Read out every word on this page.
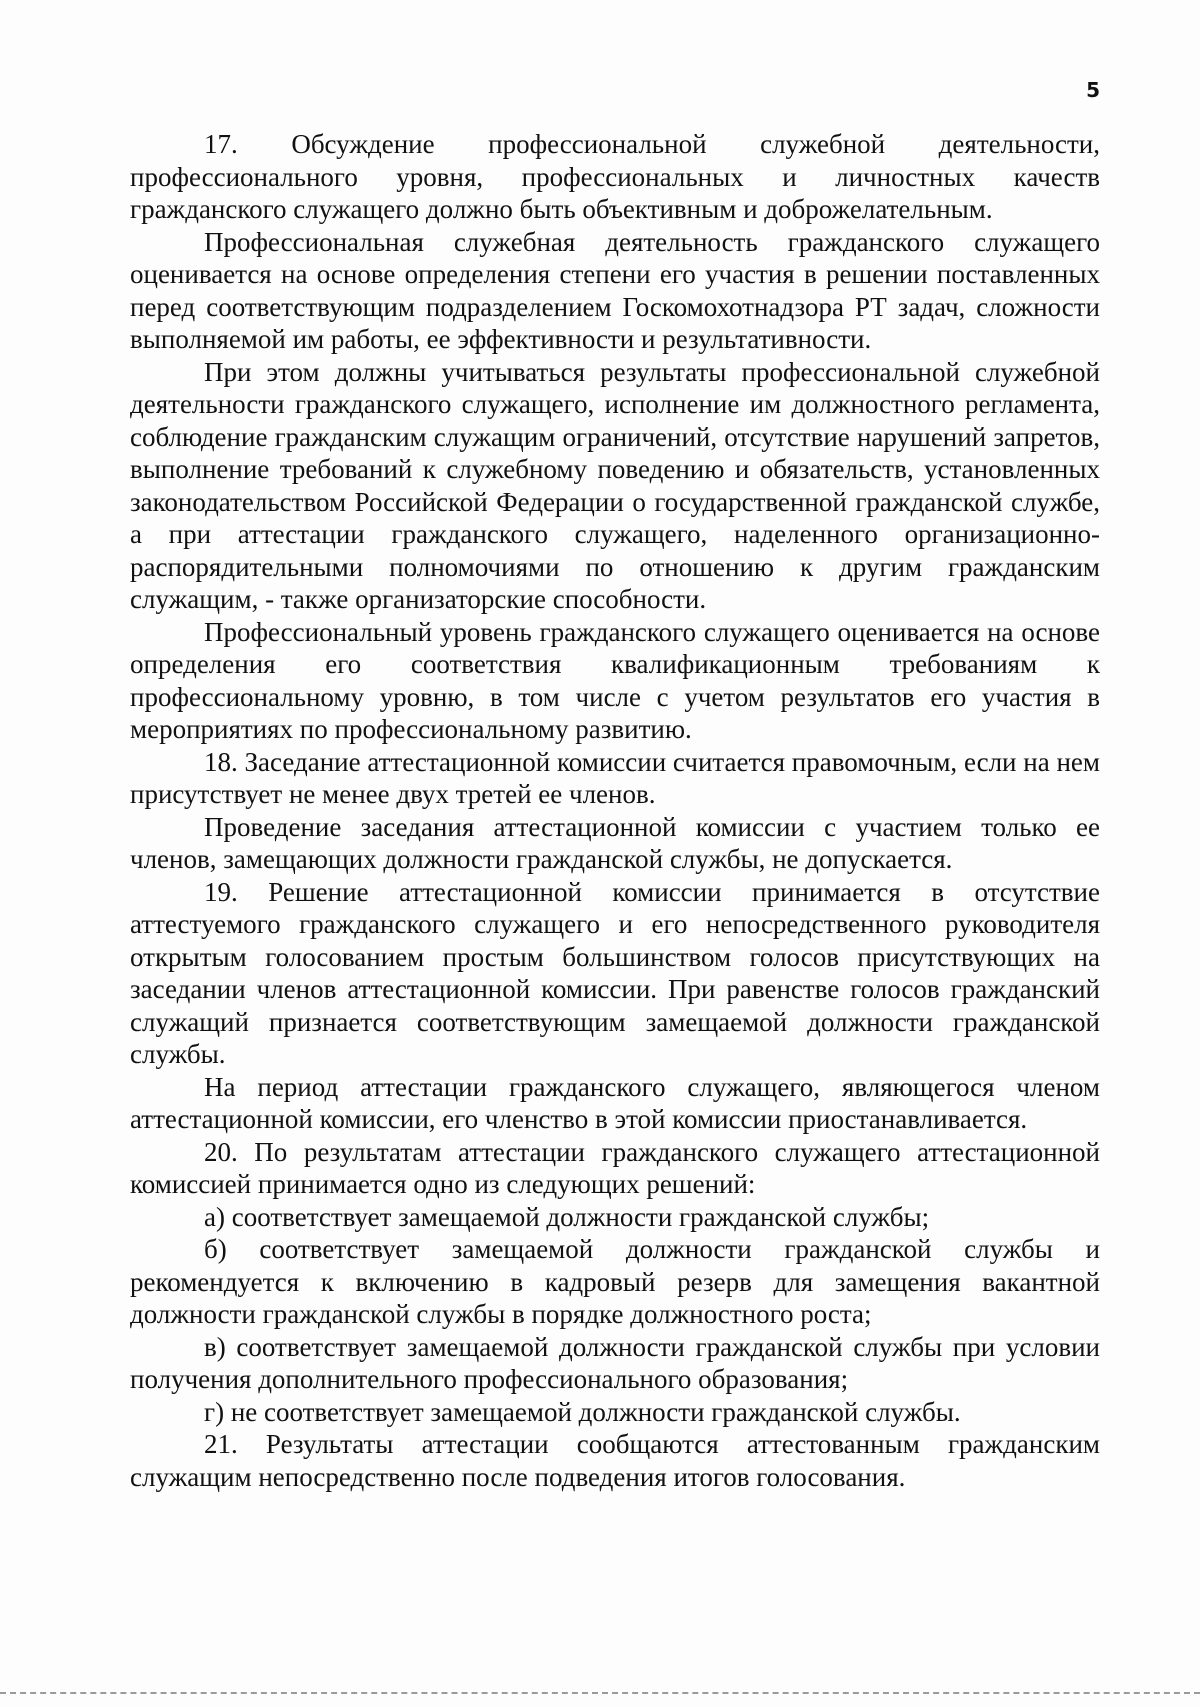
5

17. Обсуждение профессиональной служебной деятельности, профессионального уровня, профессиональных и личностных качеств гражданского служащего должно быть объективным и доброжелательным.

Профессиональная служебная деятельность гражданского служащего оценивается на основе определения степени его участия в решении поставленных перед соответствующим подразделением Госкомохотнадзора РТ задач, сложности выполняемой им работы, ее эффективности и результативности.

При этом должны учитываться результаты профессиональной служебной деятельности гражданского служащего, исполнение им должностного регламента, соблюдение гражданским служащим ограничений, отсутствие нарушений запретов, выполнение требований к служебному поведению и обязательств, установленных законодательством Российской Федерации о государственной гражданской службе, а при аттестации гражданского служащего, наделенного организационно-распорядительными полномочиями по отношению к другим гражданским служащим, - также организаторские способности.

Профессиональный уровень гражданского служащего оценивается на основе определения его соответствия квалификационным требованиям к профессиональному уровню, в том числе с учетом результатов его участия в мероприятиях по профессиональному развитию.

18. Заседание аттестационной комиссии считается правомочным, если на нем присутствует не менее двух третей ее членов.

Проведение заседания аттестационной комиссии с участием только ее членов, замещающих должности гражданской службы, не допускается.

19. Решение аттестационной комиссии принимается в отсутствие аттестуемого гражданского служащего и его непосредственного руководителя открытым голосованием простым большинством голосов присутствующих на заседании членов аттестационной комиссии. При равенстве голосов гражданский служащий признается соответствующим замещаемой должности гражданской службы.

На период аттестации гражданского служащего, являющегося членом аттестационной комиссии, его членство в этой комиссии приостанавливается.

20. По результатам аттестации гражданского служащего аттестационной комиссией принимается одно из следующих решений:

а) соответствует замещаемой должности гражданской службы;

б) соответствует замещаемой должности гражданской службы и рекомендуется к включению в кадровый резерв для замещения вакантной должности гражданской службы в порядке должностного роста;

в) соответствует замещаемой должности гражданской службы при условии получения дополнительного профессионального образования;

г) не соответствует замещаемой должности гражданской службы.

21. Результаты аттестации сообщаются аттестованным гражданским служащим непосредственно после подведения итогов голосования.
